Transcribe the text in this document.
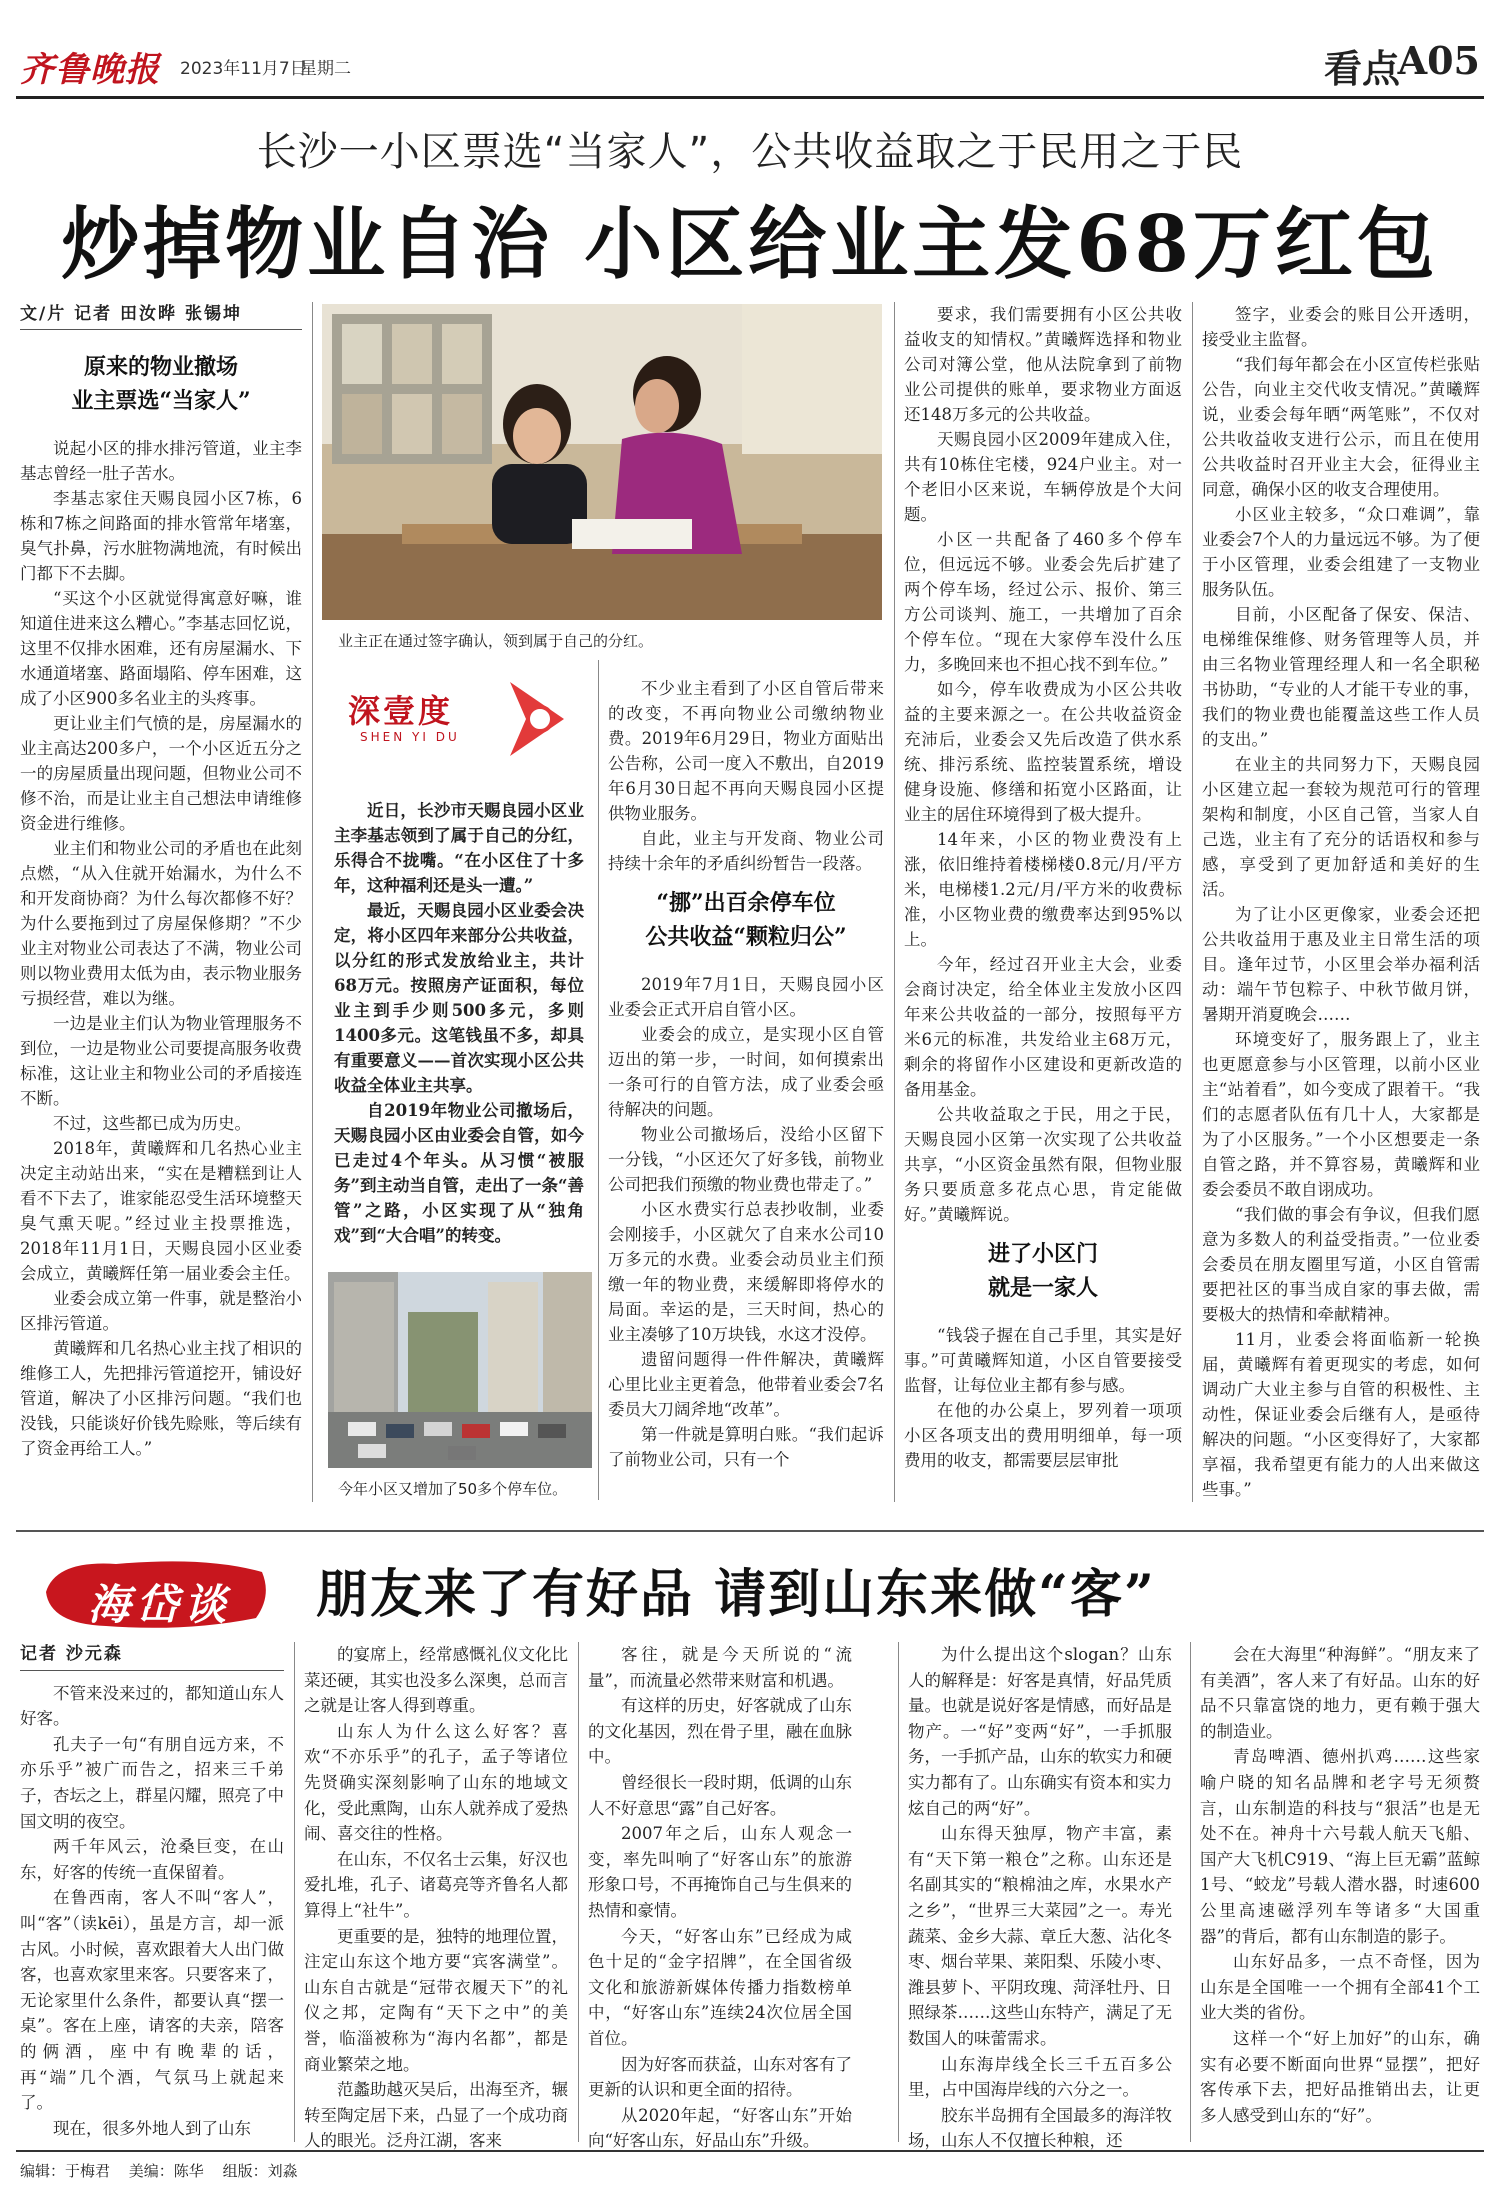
齐鲁晚报 2023年11月7日
星期二	看点
A05
长沙一小区票选“当家人”，公共收益取之于民用之于民
炒掉物业自治 小区给业主发68万红包
文/片 记者 田汝晔 张锡坤
原来的物业撤场
业主票选“当家人”

说起小区的排水排污管道，业主李基志曾经一肚子苦水。

李基志家住天赐良园小区7栋，6栋和7栋之间路面的排水管常年堵塞，臭气扑鼻，污水脏物满地流，有时候出门都下不去脚。

“买这个小区就觉得寓意好嘛，谁知道住进来这么糟心。”李基志回忆说，这里不仅排水困难，还有房屋漏水、下水通道堵塞、路面塌陷、停车困难，这成了小区900多名业主的头疼事。

更让业主们气愤的是，房屋漏水的业主高达200多户，一个小区近五分之一的房屋质量出现问题，但物业公司不修不治，而是让业主自己想法申请维修资金进行维修。

业主们和物业公司的矛盾也在此刻点燃，“从入住就开始漏水，为什么不和开发商协商？为什么每次都修不好？为什么要拖到过了房屋保修期？”不少业主对物业公司表达了不满，物业公司则以物业费用太低为由，表示物业服务亏损经营，难以为继。

一边是业主们认为物业管理服务不到位，一边是物业公司要提高服务收费标准，这让业主和物业公司的矛盾接连不断。

不过，这些都已成为历史。

2018年，黄曦辉和几名热心业主决定主动站出来，“实在是糟糕到让人看不下去了，谁家能忍受生活环境整天臭气熏天呢。”经过业主投票推选，2018年11月1日，天赐良园小区业委会成立，黄曦辉任第一届业委会主任。

业委会成立第一件事，就是整治小区排污管道。

黄曦辉和几名热心业主找了相识的维修工人，先把排污管道挖开，铺设好管道，解决了小区排污问题。“我们也没钱，只能谈好价钱先赊账，等后续有了资金再给工人。”

业主正在通过签字确认，领到属于自己的分红。
深壹度
SHEN YI DU

近日，长沙市天赐良园小区业主李基志领到了属于自己的分红，乐得合不拢嘴。“在小区住了十多年，这种福利还是头一遭。”

最近，天赐良园小区业委会决定，将小区四年来部分公共收益，以分红的形式发放给业主，共计68万元。按照房产证面积，每位业主到手少则500多元，多则1400多元。这笔钱虽不多，却具有重要意义——首次实现小区公共收益全体业主共享。

自2019年物业公司撤场后，天赐良园小区由业委会自管，如今已走过4个年头。从习惯“被服务”到主动当自管，走出了一条“善管”之路，小区实现了从“独角戏”到“大合唱”的转变。

今年小区又增加了50多个停车位。

不少业主看到了小区自管后带来的改变，不再向物业公司缴纳物业费。2019年6月29日，物业方面贴出公告称，公司一度入不敷出，自2019年6月30日起不再向天赐良园小区提供物业服务。

自此，业主与开发商、物业公司持续十余年的矛盾纠纷暂告一段落。

“挪”出百余停车位
公共收益“颗粒归公”

2019年7月1日，天赐良园小区业委会正式开启自管小区。

业委会的成立，是实现小区自管迈出的第一步，一时间，如何摸索出一条可行的自管方法，成了业委会亟待解决的问题。

物业公司撤场后，没给小区留下一分钱，“小区还欠了好多钱，前物业公司把我们预缴的物业费也带走了。”

小区水费实行总表抄收制，业委会刚接手，小区就欠了自来水公司10万多元的水费。业委会动员业主们预缴一年的物业费，来缓解即将停水的局面。幸运的是，三天时间，热心的业主凑够了10万块钱，水这才没停。

遗留问题得一件件解决，黄曦辉心里比业主更着急，他带着业委会7名委员大刀阔斧地“改革”。

第一件就是算明白账。“我们起诉了前物业公司，只有一个

要求，我们需要拥有小区公共收益收支的知情权。”黄曦辉选择和物业公司对簿公堂，他从法院拿到了前物业公司提供的账单，要求物业方面返还148万多元的公共收益。

天赐良园小区2009年建成入住，共有10栋住宅楼，924户业主。对一个老旧小区来说，车辆停放是个大问题。

小区一共配备了460多个停车位，但远远不够。业委会先后扩建了两个停车场，经过公示、报价、第三方公司谈判、施工，一共增加了百余个停车位。“现在大家停车没什么压力，多晚回来也不担心找不到车位。”

如今，停车收费成为小区公共收益的主要来源之一。在公共收益资金充沛后，业委会又先后改造了供水系统、排污系统、监控装置系统，增设健身设施、修缮和拓宽小区路面，让业主的居住环境得到了极大提升。

14年来，小区的物业费没有上涨，依旧维持着楼梯楼0.8元/月/平方米，电梯楼1.2元/月/平方米的收费标准，小区物业费的缴费率达到95%以上。

今年，经过召开业主大会，业委会商讨决定，给全体业主发放小区四年来公共收益的一部分，按照每平方米6元的标准，共发给业主68万元，剩余的将留作小区建设和更新改造的备用基金。

公共收益取之于民，用之于民，天赐良园小区第一次实现了公共收益共享，“小区资金虽然有限，但物业服务只要质意多花点心思，肯定能做好。”黄曦辉说。

进了小区门
就是一家人

“钱袋子握在自己手里，其实是好事。”可黄曦辉知道，小区自管要接受监督，让每位业主都有参与感。

在他的办公桌上，罗列着一项项小区各项支出的费用明细单，每一项费用的收支，都需要层层审批

签字，业委会的账目公开透明，接受业主监督。

“我们每年都会在小区宣传栏张贴公告，向业主交代收支情况。”黄曦辉说，业委会每年晒“两笔账”，不仅对公共收益收支进行公示，而且在使用公共收益时召开业主大会，征得业主同意，确保小区的收支合理使用。

小区业主较多，“众口难调”，靠业委会7个人的力量远远不够。为了便于小区管理，业委会组建了一支物业服务队伍。

目前，小区配备了保安、保洁、电梯维保维修、财务管理等人员，并由三名物业管理经理人和一名全职秘书协助，“专业的人才能干专业的事，我们的物业费也能覆盖这些工作人员的支出。”

在业主的共同努力下，天赐良园小区建立起一套较为规范可行的管理架构和制度，小区自己管，当家人自己选，业主有了充分的话语权和参与感，享受到了更加舒适和美好的生活。

为了让小区更像家，业委会还把公共收益用于惠及业主日常生活的项目。逢年过节，小区里会举办福利活动：端午节包粽子、中秋节做月饼，暑期开消夏晚会……

环境变好了，服务跟上了，业主也更愿意参与小区管理，以前小区业主“站着看”，如今变成了跟着干。“我们的志愿者队伍有几十人，大家都是为了小区服务。”一个小区想要走一条自管之路，并不算容易，黄曦辉和业委会委员不敢自诩成功。

“我们做的事会有争议，但我们愿意为多数人的利益受指责。”一位业委会委员在朋友圈里写道，小区自管需要把社区的事当成自家的事去做，需要极大的热情和牵献精神。

11月，业委会将面临新一轮换届，黄曦辉有着更现实的考虑，如何调动广大业主参与自管的积极性、主动性，保证业委会后继有人，是亟待解决的问题。“小区变得好了，大家都享福，我希望更有能力的人出来做这些事。”

海岱谈 朋友来了有好品 请到山东来做“客”
记者 沙元森

不管来没来过的，都知道山东人好客。

孔夫子一句“有朋自远方来，不亦乐乎”被广而告之，招来三千弟子，杏坛之上，群星闪耀，照亮了中国文明的夜空。

两千年风云，沧桑巨变，在山东，好客的传统一直保留着。

在鲁西南，客人不叫“客人”，叫“客”（读kēi），虽是方言，却一派古风。小时候，喜欢跟着大人出门做客，也喜欢家里来客。只要客来了，无论家里什么条件，都要认真“摆一桌”。客在上座，请客的夫亲，陪客的俩酒，座中有晚辈的话，再“端”几个酒，气氛马上就起来了。

现在，很多外地人到了山东

的宴席上，经常感慨礼仪文化比菜还硬，其实也没多么深奥，总而言之就是让客人得到尊重。

山东人为什么这么好客？喜欢“不亦乐乎”的孔子，孟子等诸位先贤确实深刻影响了山东的地域文化，受此熏陶，山东人就养成了爱热闹、喜交往的性格。

在山东，不仅名士云集，好汉也爱扎堆，孔子、诸葛亮等齐鲁名人都算得上“社牛”。

更重要的是，独特的地理位置，注定山东这个地方要“宾客满堂”。山东自古就是“冠带衣履天下”的礼仪之邦，定陶有“天下之中”的美誉，临淄被称为“海内名都”，都是商业繁荣之地。

范蠡助越灭吴后，出海至齐，辗转至陶定居下来，凸显了一个成功商人的眼光。泛舟江湖，客来

客往，就是今天所说的“流量”，而流量必然带来财富和机遇。

有这样的历史，好客就成了山东的文化基因，烈在骨子里，融在血脉中。

曾经很长一段时期，低调的山东人不好意思“露”自己好客。

2007年之后，山东人观念一变，率先叫响了“好客山东”的旅游形象口号，不再掩饰自己与生俱来的热情和豪情。

今天，“好客山东”已经成为咸色十足的“金字招牌”，在全国省级文化和旅游新媒体传播力指数榜单中，“好客山东”连续24次位居全国首位。

因为好客而获益，山东对客有了更新的认识和更全面的招待。

从2020年起，“好客山东”开始向“好客山东，好品山东”升级。

为什么提出这个slogan？山东人的解释是：好客是真情，好品凭质量。也就是说好客是情感，而好品是物产。一“好”变两“好”，一手抓服务，一手抓产品，山东的软实力和硬实力都有了。山东确实有资本和实力炫自己的两“好”。

山东得天独厚，物产丰富，素有“天下第一粮仓”之称。山东还是名副其实的“粮棉油之库，水果水产之乡”，“世界三大菜园”之一。寿光蔬菜、金乡大蒜、章丘大葱、沾化冬枣、烟台苹果、莱阳梨、乐陵小枣、潍县萝卜、平阴玫瑰、菏泽牡丹、日照绿茶……这些山东特产，满足了无数国人的味蕾需求。

山东海岸线全长三千五百多公里，占中国海岸线的六分之一。

胶东半岛拥有全国最多的海洋牧场，山东人不仅擅长种粮，还

会在大海里“种海鲜”。“朋友来了有美酒”，客人来了有好品。山东的好品不只靠富饶的地力，更有赖于强大的制造业。

青岛啤酒、德州扒鸡……这些家喻户晓的知名品牌和老字号无须赘言，山东制造的科技与“狠活”也是无处不在。神舟十六号载人航天飞船、国产大飞机C919、“海上巨无霸”蓝鲸1号、“蛟龙”号载人潜水器，时速600公里高速磁浮列车等诸多“大国重器”的背后，都有山东制造的影子。

山东好品多，一点不奇怪，因为山东是全国唯一一个拥有全部41个工业大类的省份。

这样一个“好上加好”的山东，确实有必要不断面向世界“显摆”，把好客传承下去，把好品推销出去，让更多人感受到山东的“好”。

编辑：于梅君 美编：陈华 组版：刘淼
